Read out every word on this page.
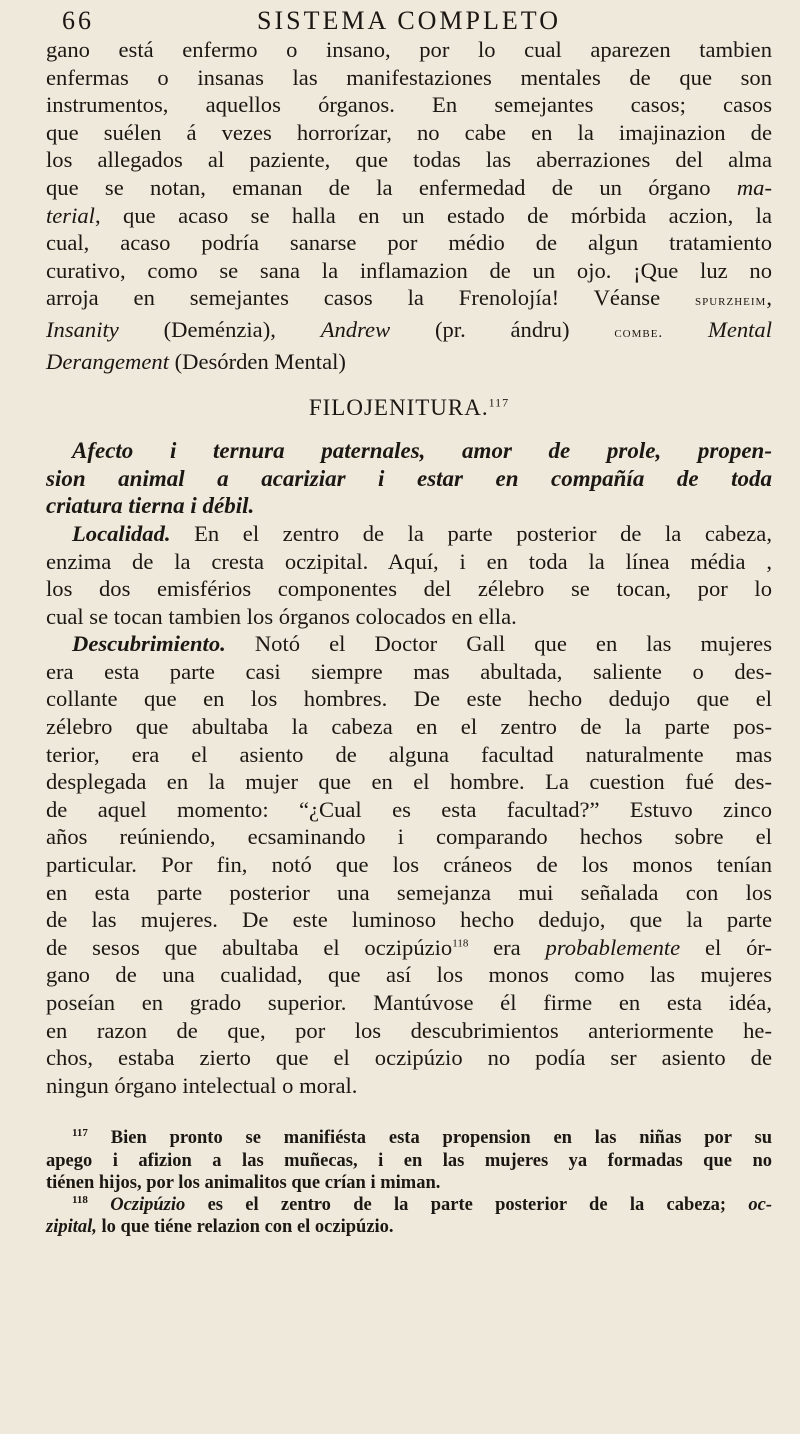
66	SISTEMA COMPLETO
gano está enfermo o insano, por lo cual aparezen tambien
enfermas o insanas las manifestaziones mentales de que son
instrumentos, aquellos órganos. En semejantes casos; casos
que suélen á vezes horrorízar, no cabe en la imajinazion de
los allegados al paziente, que todas las aberraziones del alma
que se notan, emanan de la enfermedad de un órgano ma-
terial, que acaso se halla en un estado de mórbida aczion, la
cual, acaso podría sanarse por médio de algun tratamiento
curativo, como se sana la inflamazion de un ojo. ¡Que luz no
arroja en semejantes casos la Frenolojía! Véanse spurzheim,
Insanity (Deménzia), Andrew (pr. ándru)	combe. Mental
Derangement (Desórden Mental)
FILOJENITURA.$^{117}$
Afecto i ternura paternales, amor de prole, propen-
sion animal a acariziar i estar en compañía de toda
criatura tierna i débil.
Localidad. En el zentro de la parte posterior de la cabeza,
enzima de la cresta oczipital. Aquí, i en toda la línea média ,
los dos emisférios componentes del zélebro se tocan, por lo
cual se tocan tambien los órganos colocados en ella.
Descubrimiento. Notó el Doctor Gall que en las mujeres
era esta parte casi siempre mas abultada, saliente o des-
collante que en los hombres. De este hecho dedujo que el
zélebro que abultaba la cabeza en el zentro de la parte pos-
terior, era el asiento de alguna facultad naturalmente mas
desplegada en la mujer que en el hombre. La cuestion fué des-
de aquel momento: “¿Cual es esta facultad?” Estuvo zinco
años reúniendo, ecsaminando i comparando hechos sobre el
particular. Por fin, notó que los cráneos de los monos tenían
en esta parte posterior una semejanza mui señalada con los
de las mujeres. De este luminoso hecho dedujo, que la parte
de sesos que abultaba el oczipúzio$^{118}$ era probablemente el ór-
gano de una cualidad, que así los monos como las mujeres
poseían en grado superior. Mantúvose él firme en esta idéa,
en razon de que, por los descubrimientos anteriormente he-
chos, estaba zierto que el oczipúzio no podía ser asiento de
ningun órgano intelectual o moral.
$^{117}$ Bien pronto se manifiésta esta propension en las niñas por su
apego i afizion a las muñecas, i en las mujeres ya formadas que no
tiénen hijos, por los animalitos que crían i miman.
$^{118}$ Oczipúzio es el zentro de la parte posterior de la cabeza; oc-
zipital, lo que tiéne relazion con el oczipúzio.
